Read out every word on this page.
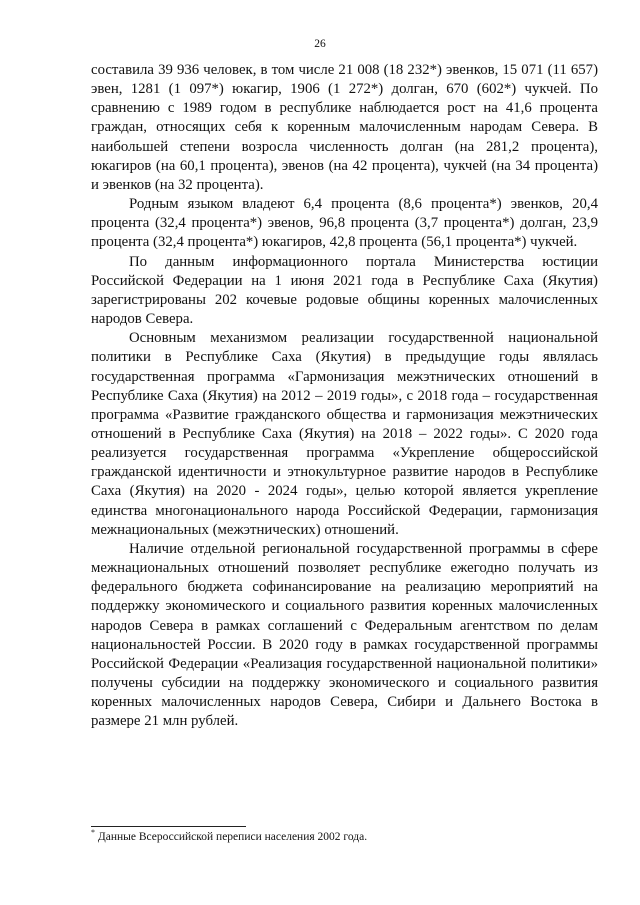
26

составила 39 936 человек, в том числе 21 008 (18 232*) эвенков, 15 071 (11 657) эвен, 1281 (1 097*) юкагир, 1906 (1 272*) долган, 670 (602*) чукчей. По сравнению с 1989 годом в республике наблюдается рост на 41,6 процента граждан, относящих себя к коренным малочисленным народам Севера. В наибольшей степени возросла численность долган (на 281,2 процента), юкагиров (на 60,1 процента), эвенов (на 42 процента), чукчей (на 34 процента) и эвенков (на 32 процента).

Родным языком владеют 6,4 процента (8,6 процента*) эвенков, 20,4 процента (32,4 процента*) эвенов, 96,8 процента (3,7 процента*) долган, 23,9 процента (32,4 процента*) юкагиров, 42,8 процента (56,1 процента*) чукчей.

По данным информационного портала Министерства юстиции Российской Федерации на 1 июня 2021 года в Республике Саха (Якутия) зарегистрированы 202 кочевые родовые общины коренных малочисленных народов Севера.

Основным механизмом реализации государственной национальной политики в Республике Саха (Якутия) в предыдущие годы являлась государственная программа «Гармонизация межэтнических отношений в Республике Саха (Якутия) на 2012 – 2019 годы», с 2018 года – государственная программа «Развитие гражданского общества и гармонизация межэтнических отношений в Республике Саха (Якутия) на 2018 – 2022 годы». С 2020 года реализуется государственная программа «Укрепление общероссийской гражданской идентичности и этнокультурное развитие народов в Республике Саха (Якутия) на 2020 - 2024 годы», целью которой является укрепление единства многонационального народа Российской Федерации, гармонизация межнациональных (межэтнических) отношений.

Наличие отдельной региональной государственной программы в сфере межнациональных отношений позволяет республике ежегодно получать из федерального бюджета софинансирование на реализацию мероприятий на поддержку экономического и социального развития коренных малочисленных народов Севера в рамках соглашений с Федеральным агентством по делам национальностей России. В 2020 году в рамках государственной программы Российской Федерации «Реализация государственной национальной политики» получены субсидии на поддержку экономического и социального развития коренных малочисленных народов Севера, Сибири и Дальнего Востока в размере 21 млн рублей.

* Данные Всероссийской переписи населения 2002 года.
